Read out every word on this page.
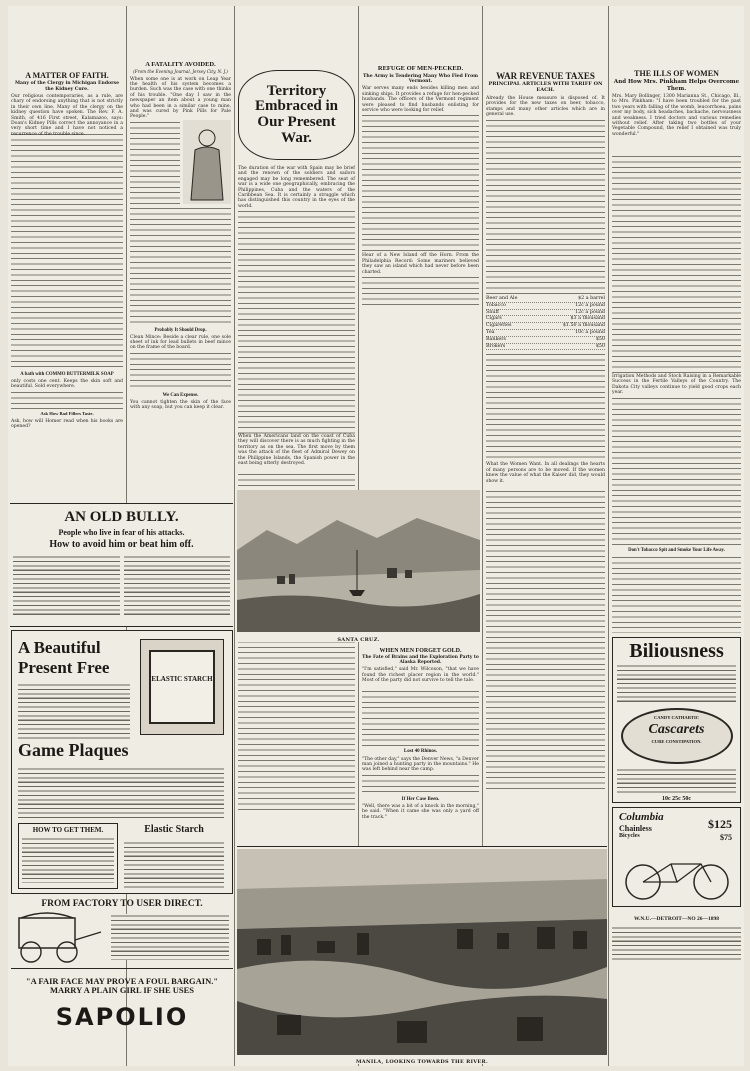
A MATTER OF FAITH.
Many of the Clergy in Michigan Endorse the Kidney Cure.
Our religious contemporaries, as a rule, are chary of endorsing anything that is not strictly in their own line. Many of the clergy on the kidney question have spoken. The Rev. F. A. Smith, of 416 First street, Kalamazoo, says: Doan's Kidney Pills correct the annoyance in a very short time and I have not noticed a recurrence of the trouble since.
A bath with COMMO BUTTERMILK SOAP
only costs one cent. Keeps the skin soft and beautiful. Sold everywhere.
Ask How Bad Fillers Taste.
Ask, how will Homer read when his books are opened?
AN OLD BULLY.
People who live in fear of his attacks.
How to avoid him or beat him off.
A Beautiful
Present Free
ELASTIC STARCH
Game Plaques
HOW TO GET THEM.	Elastic Starch
FROM FACTORY TO USER DIRECT.
"A FAIR FACE MAY PROVE A FOUL BARGAIN." MARRY A PLAIN GIRL IF SHE USES
SAPOLIO
A FATALITY AVOIDED.
(From the Evening Journal, Jersey City, N. J.)
When some one is at work on Leap Year the health of his system becomes a burden. Such was the case with one thinks of his trouble. "One day I saw in the newspaper an item about a young man who had been in a similar case to mine, and was cured by Pink Pills for Pale People."
Probably It Should Drop.
Clean Mince: Beside a clear rule, one sole sheet of ink for lead bullets in beef mince on the frame of the board.
We Can Expense.
You cannot tighten the skin of the face with any soap, but you can keep it clear.
Territory Embraced in Our Present War.
The duration of the war with Spain may be brief and the renown of the soldiers and sailors engaged may be long remembered. The seat of war is a wide one geographically, embracing the Philippines, Cuba and the waters of the Caribbean Sea. It is certainly a struggle which has distinguished this country in the eyes of the world.
When the Americans land on the coast of Cuba they will discover there is as much fighting in the territory as on the sea. The first move by them was the attack of the fleet of Admiral Dewey on the Philippine Islands, the Spanish power in the east being utterly destroyed.
REFUGE OF MEN-PECKED.
The Army is Tendering Many Who Fled From Vermont.
War serves many ends besides killing men and sinking ships. It provides a refuge for hen-pecked husbands. The officers of the Vermont regiment were pleased to find husbands enlisting for service who were looking for relief.
Hear of a New Island off the Horn. From the Philadelphia Record: Some mariners believed they saw an island which had never before been charted.
SANTA CRUZ.
WHEN MEN FORGET GOLD.
The Fate of Brains and the Exploration Party to Alaska Reported.
"I'm satisfied," said Mr. Wilcoxon, "that we have found the richest placer region in the world." Most of the party did not survive to tell the tale.
Lost 40 Rhinos.
"The other day," says the Denver News, "a Denver man joined a hunting party in the mountains." He was left behind near the camp.
If Her Case Been.
"Well, there was a bit of a knock in the morning," he said. "When it came she was only a yard off the track."
WAR REVENUE TAXES
PRINCIPAL ARTICLES WITH TARIFF ON EACH.
Already the House measure is disposed of. It provides for the new taxes on beer, tobacco, stamps and many other articles which are in general use.
Beer and Ale	$2 a barrel
Tobacco	12c a pound
Snuff	12c a pound
Cigars	$3 a thousand
Cigarettes	$1.50 a thousand
Tea	10c a pound
Bankers	$50
Brokers	$50
What the Women Want. In all dealings the hearts of many persons are to be moved. If the women knew the value of what the Kaiser did, they would show it.
MANILA, LOOKING TOWARDS THE RIVER.
THE ILLS OF WOMEN
And How Mrs. Pinkham Helps Overcome Them.
Mrs. Mary Bollinger, 1300 Marianna St., Chicago, Ill., to Mrs. Pinkham: "I have been troubled for the past two years with falling of the womb, leucorrhoea, pains over my body, sick headaches, backache, nervousness and weakness. I tried doctors and various remedies without relief. After taking two bottles of your Vegetable Compound, the relief I obtained was truly wonderful."
Irrigation Methods and Stock Raising in a Remarkable Success in the Fertile Valleys of the Country. The Dakota City valleys continue to yield good crops each year.
Don't Tobacco Spit and Smoke Your Life Away.
Biliousness
CANDY CATHARTIC
Cascarets
CURE CONSTIPATION.
10c 25c 50c
Columbia
Chainless
Bicycles
$125
$75
W.N.U.—DETROIT—NO 26—1898
